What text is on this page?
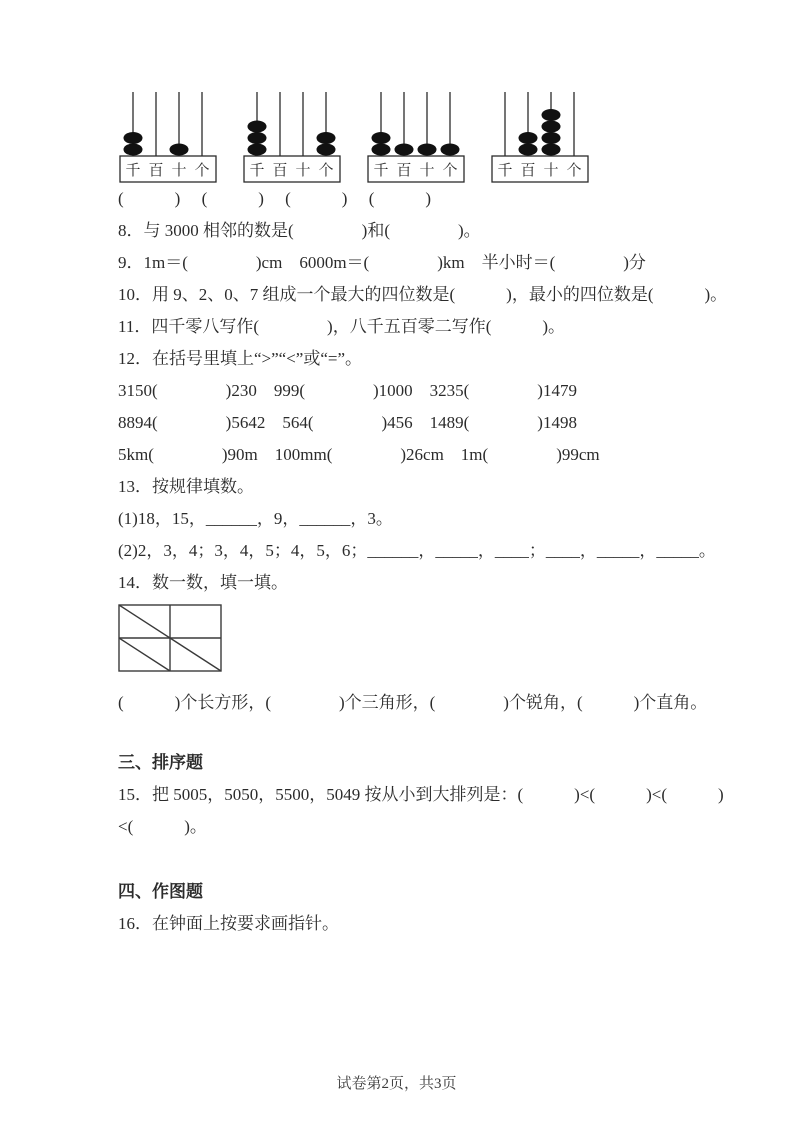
千 百 十 个	千 百 十 个	千 百 十 个	千 百 十 个
(　　　)　 (　　　)　 (　　　)　 (　　　)
8．与 3000 相邻的数是(　　　　)和(　　　　)。
9．1m＝(　　　　)cm　6000m＝(　　　　)km　半小时＝(　　　　)分
10．用 9、2、0、7 组成一个最大的四位数是(　　　)，最小的四位数是(　　　)。
11．四千零八写作(　　　　)，八千五百零二写作(　　　)。
12．在括号里填上“>”“<”或“=”。
3150(　　　　)230　999(　　　　)1000　3235(　　　　)1479
8894(　　　　)5642　564(　　　　)456　1489(　　　　)1498
5km(　　　　)90m　100mm(　　　　)26cm　1m(　　　　)99cm
13．按规律填数。
(1)18，15，______，9，______，3。
(2)2，3，4；3，4，5；4，5，6；______，_____，____；____，_____，_____。
14．数一数，填一填。
(　　　)个长方形，(　　　　)个三角形，(　　　　)个锐角，(　　　)个直角。
三、排序题
15．把 5005，5050，5500，5049 按从小到大排列是：(　　　)<(　　　)<(　　　)
<(　　　)。
四、作图题
16．在钟面上按要求画指针。
试卷第2页，共3页
